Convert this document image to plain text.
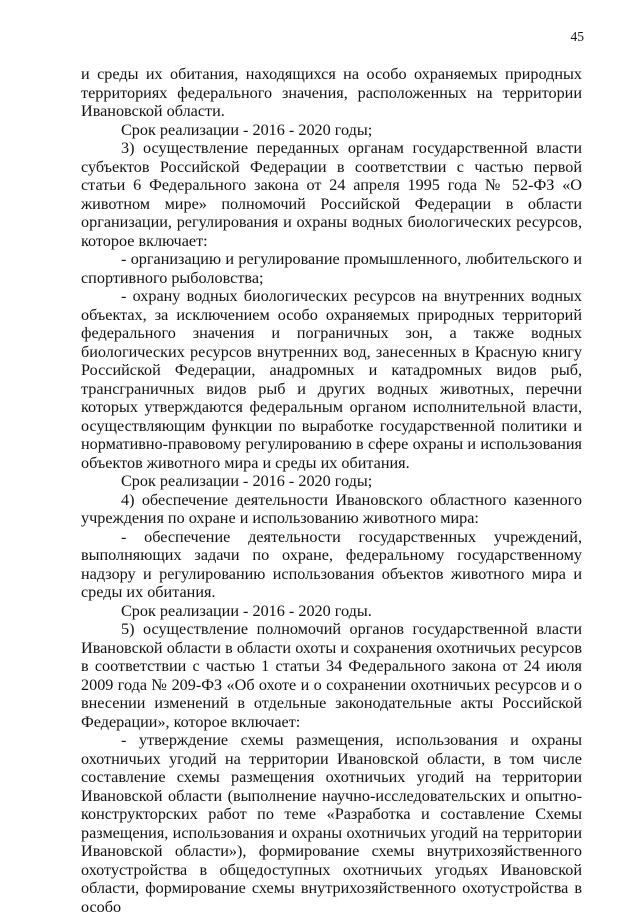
45

и среды их обитания, находящихся на особо охраняемых природных территориях федерального значения, расположенных на территории Ивановской области.

Срок реализации - 2016 - 2020 годы;

3) осуществление переданных органам государственной власти субъектов Российской Федерации в соответствии с частью первой статьи 6 Федерального закона от 24 апреля 1995 года № 52-ФЗ «О животном мире» полномочий Российской Федерации в области организации, регулирования и охраны водных биологических ресурсов, которое включает:

- организацию и регулирование промышленного, любительского и спортивного рыболовства;

- охрану водных биологических ресурсов на внутренних водных объектах, за исключением особо охраняемых природных территорий федерального значения и пограничных зон, а также водных биологических ресурсов внутренних вод, занесенных в Красную книгу Российской Федерации, анадромных и катадромных видов рыб, трансграничных видов рыб и других водных животных, перечни которых утверждаются федеральным органом исполнительной власти, осуществляющим функции по выработке государственной политики и нормативно-правовому регулированию в сфере охраны и использования объектов животного мира и среды их обитания.

Срок реализации - 2016 - 2020 годы;

4) обеспечение деятельности Ивановского областного казенного учреждения по охране и использованию животного мира:

- обеспечение деятельности государственных учреждений, выполняющих задачи по охране, федеральному государственному надзору и регулированию использования объектов животного мира и среды их обитания.

Срок реализации - 2016 - 2020 годы.

5) осуществление полномочий органов государственной власти Ивановской области в области охоты и сохранения охотничьих ресурсов в соответствии с частью 1 статьи 34 Федерального закона от 24 июля 2009 года № 209-ФЗ «Об охоте и о сохранении охотничьих ресурсов и о внесении изменений в отдельные законодательные акты Российской Федерации», которое включает:

- утверждение схемы размещения, использования и охраны охотничьих угодий на территории Ивановской области, в том числе составление схемы размещения охотничьих угодий на территории Ивановской области (выполнение научно-исследовательских и опытно-конструкторских работ по теме «Разработка и составление Схемы размещения, использования и охраны охотничьих угодий на территории Ивановской области»), формирование схемы внутрихозяйственного охотустройства в общедоступных охотничьих угодьях Ивановской области, формирование схемы внутрихозяйственного охотустройства в особо
